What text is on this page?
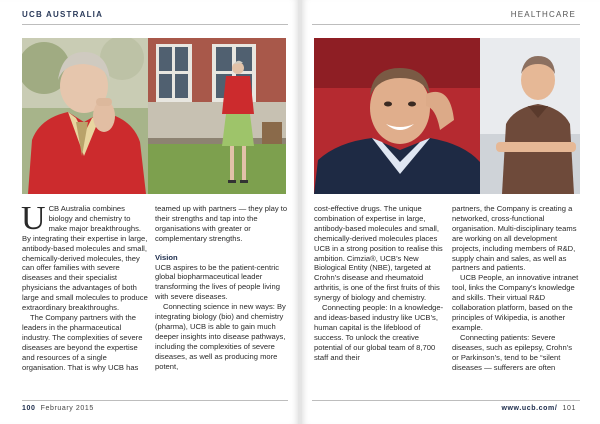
UCB AUSTRALIA

UCB Australia combines biology and chemistry to make major breakthroughs. By integrating their expertise in large, antibody-based molecules and small, chemically-derived molecules, they can offer families with severe diseases and their specialist physicians the advantages of both large and small molecules to produce extraordinary breakthroughs.

The Company partners with the leaders in the pharmaceutical industry. The complexities of severe diseases are beyond the expertise and resources of a single organisation. That is why UCB has

teamed up with partners — they play to their strengths and tap into the organisations with greater or complementary strengths.

Vision

UCB aspires to be the patient-centric global biopharmaceutical leader transforming the lives of people living with severe diseases.

Connecting science in new ways: By integrating biology (bio) and chemistry (pharma), UCB is able to gain much deeper insights into disease pathways, including the complexities of severe diseases, as well as producing more potent,

100 February 2015
HEALTHCARE

cost-effective drugs. The unique combination of expertise in large, antibody-based molecules and small, chemically-derived molecules places UCB in a strong position to realise this ambition. Cimzia®, UCB’s New Biological Entity (NBE), targeted at Crohn’s disease and rheumatoid arthritis, is one of the first fruits of this synergy of biology and chemistry.

Connecting people: In a knowledge- and ideas-based industry like UCB’s, human capital is the lifeblood of success. To unlock the creative potential of our global team of 8,700 staff and their

partners, the Company is creating a networked, cross-functional organisation. Multi-disciplinary teams are working on all development projects, including members of R&D, supply chain and sales, as well as partners and patients.

UCB People, an innovative intranet tool, links the Company’s knowledge and skills. Their virtual R&D collaboration platform, based on the principles of Wikipedia, is another example.

Connecting patients: Severe diseases, such as epilepsy, Crohn’s or Parkinson’s, tend to be “silent diseases — sufferers are often

www.ucb.com/ 101
